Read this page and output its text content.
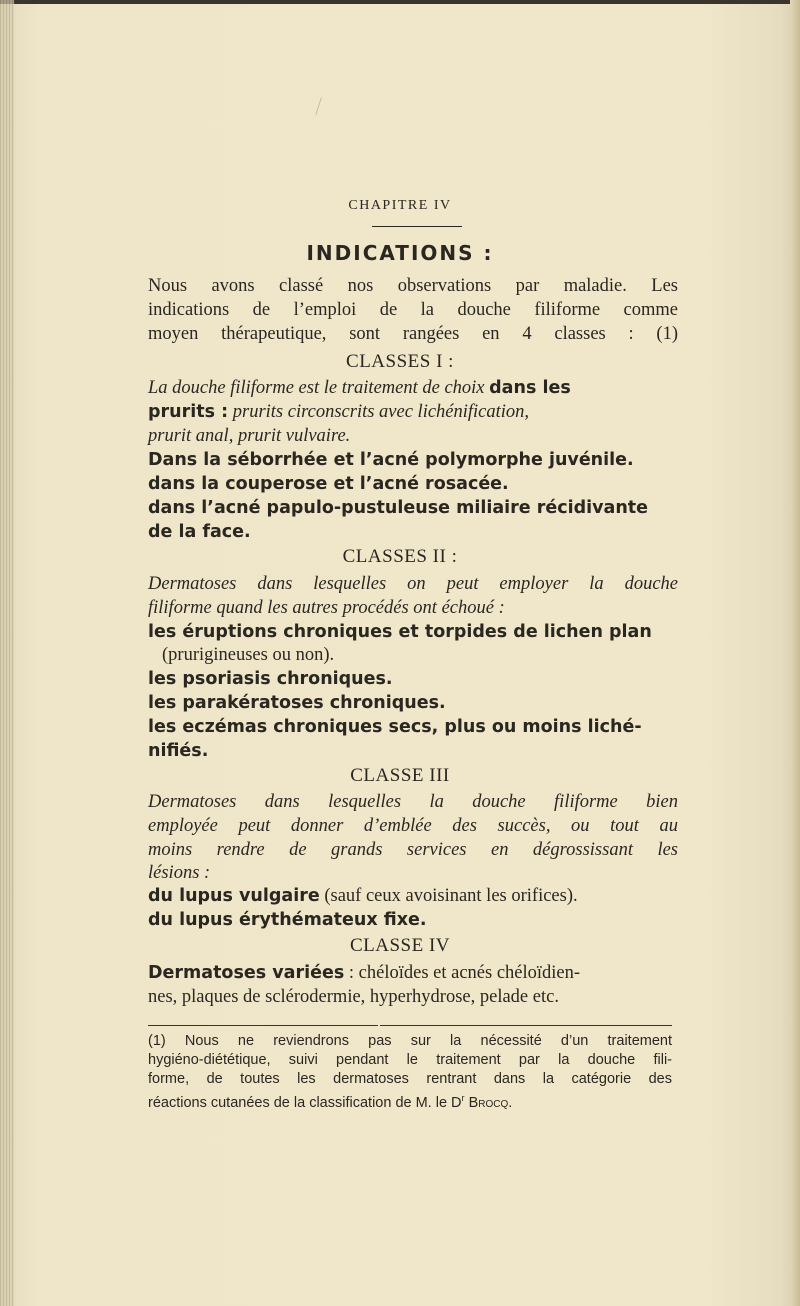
CHAPITRE IV
INDICATIONS :
Nous avons classé nos observations par maladie. Les
indications de l’emploi de la douche filiforme comme
moyen thérapeutique, sont rangées en 4 classes : (1)
CLASSES I :
La douche filiforme est le traitement de choix dans les
prurits : prurits circonscrits avec lichénification,
prurit anal, prurit vulvaire.
Dans la séborrhée et l’acné polymorphe juvénile.
dans la couperose et l’acné rosacée.
dans l’acné papulo-pustuleuse miliaire récidivante
de la face.
CLASSES II :
Dermatoses dans lesquelles on peut employer la douche
filiforme quand les autres procédés ont échoué :
les éruptions chroniques et torpides de lichen plan
(prurigineuses ou non).
les psoriasis chroniques.
les parakératoses chroniques.
les eczémas chroniques secs, plus ou moins liché-
nifiés.
CLASSE III
Dermatoses dans lesquelles la douche filiforme bien
employée peut donner d’emblée des succès, ou tout au
moins rendre de grands services en dégrossissant les
lésions :
du lupus vulgaire (sauf ceux avoisinant les orifices).
du lupus érythémateux fixe.
CLASSE IV
Dermatoses variées : chéloïdes et acnés chéloïdien-
nes, plaques de sclérodermie, hyperhydrose, pelade etc.
(1) Nous ne reviendrons pas sur la nécessité d’un traitement
hygiéno-diététique, suivi pendant le traitement par la douche fili-
forme, de toutes les dermatoses rentrant dans la catégorie des
réactions cutanées de la classification de M. le $D^r$ Brocq.
